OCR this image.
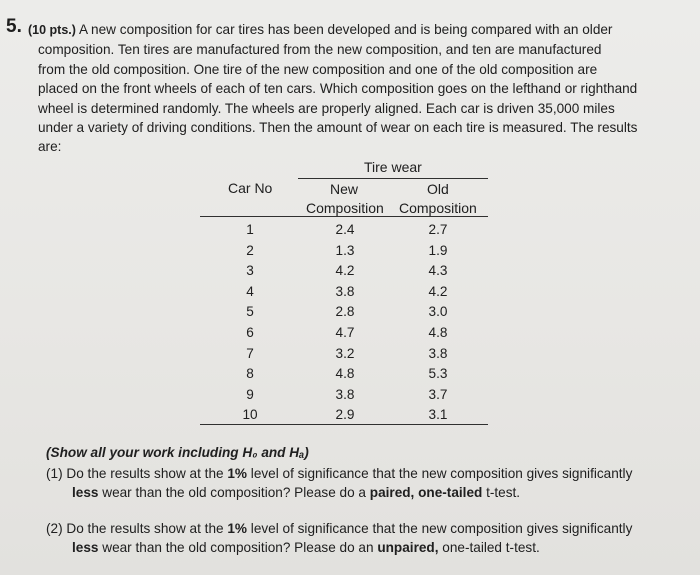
5. (10 pts.) A new composition for car tires has been developed and is being compared with an older
composition. Ten tires are manufactured from the new composition, and ten are manufactured
from the old composition. One tire of the new composition and one of the old composition are
placed on the front wheels of each of ten cars. Which composition goes on the lefthand or righthand
wheel is determined randomly. The wheels are properly aligned. Each car is driven 35,000 miles
under a variety of driving conditions. Then the amount of wear on each tire is measured. The results
are:
Tire wear
Car No	New	Old
Composition Composition
1	2.4	2.7
2	1.3	1.9
3	4.2	4.3
4	3.8	4.2
5	2.8	3.0
6	4.7	4.8
7	3.2	3.8
8	4.8	5.3
9	3.8	3.7
10	2.9	3.1
(Show all your work including H₀ and Hₐ)
(1) Do the results show at the 1% level of significance that the new composition gives significantly
less wear than the old composition? Please do a paired, one-tailed t-test.
(2) Do the results show at the 1% level of significance that the new composition gives significantly
less wear than the old composition? Please do an unpaired, one-tailed t-test.
